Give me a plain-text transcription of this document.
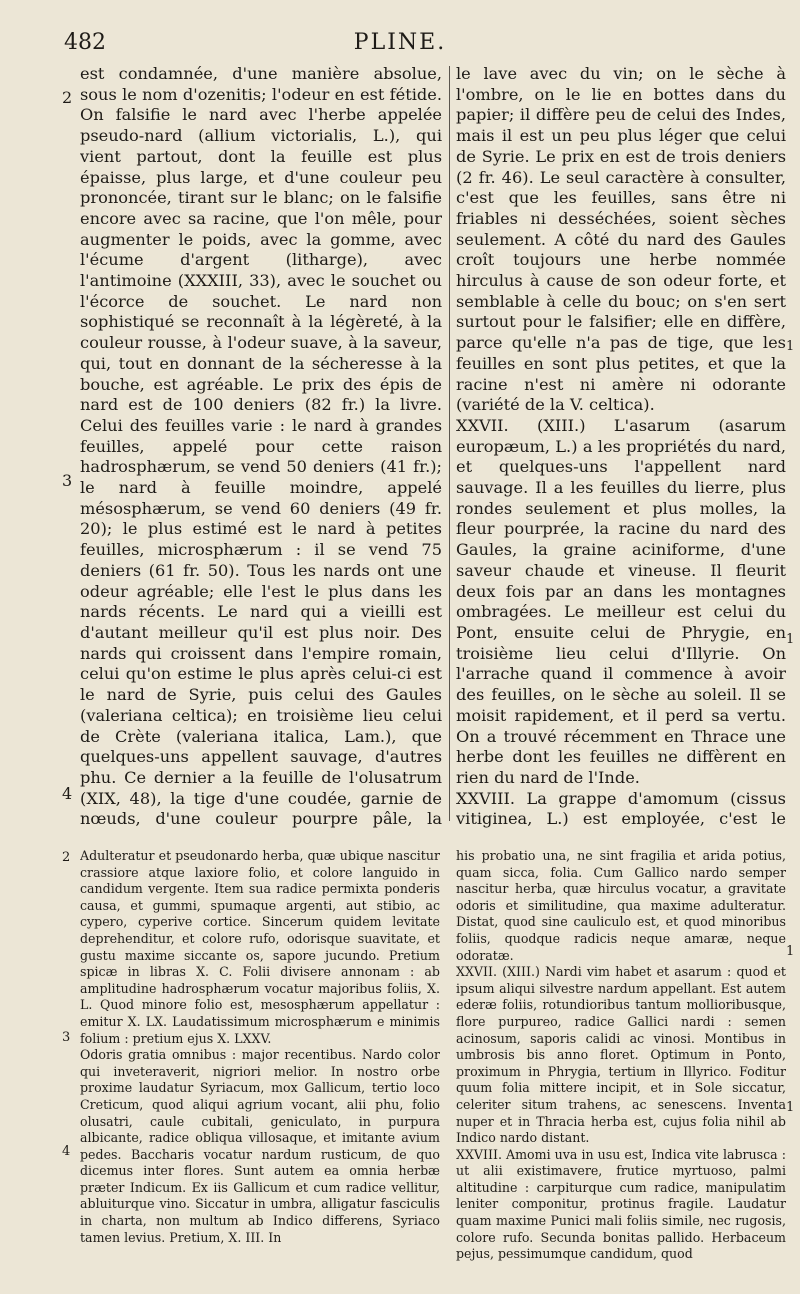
482	PLINE.

est condamnée, d'une manière absolue, sous le nom d'ozenitis; l'odeur en est fétide. On falsifie le nard avec l'herbe appelée pseudo-nard (allium victorialis, L.), qui vient partout, dont la feuille est plus épaisse, plus large, et d'une couleur peu prononcée, tirant sur le blanc; on le falsifie encore avec sa racine, que l'on mêle, pour augmenter le poids, avec la gomme, avec l'écume d'argent (litharge), avec l'antimoine (XXXIII, 33), avec le souchet ou l'écorce de souchet. Le nard non sophistiqué se reconnaît à la légèreté, à la couleur rousse, à l'odeur suave, à la saveur, qui, tout en donnant de la sécheresse à la bouche, est agréable. Le prix des épis de nard est de 100 deniers (82 fr.) la livre. Celui des feuilles varie : le nard à grandes feuilles, appelé pour cette raison hadrosphærum, se vend 50 deniers (41 fr.); le nard à feuille moindre, appelé mésosphærum, se vend 60 deniers (49 fr. 20); le plus estimé est le nard à petites feuilles, microsphærum : il se vend 75 deniers (61 fr. 50). Tous les nards ont une odeur agréable; elle l'est le plus dans les nards récents. Le nard qui a vieilli est d'autant meilleur qu'il est plus noir. Des nards qui croissent dans l'empire romain, celui qu'on estime le plus après celui-ci est le nard de Syrie, puis celui des Gaules (valeriana celtica); en troisième lieu celui de Crète (valeriana italica, Lam.), que quelques-uns appellent sauvage, d'autres phu. Ce dernier a la feuille de l'olusatrum (XIX, 48), la tige d'une coudée, garnie de nœuds, d'une couleur pourpre pâle, la

le lave avec du vin; on le sèche à l'ombre, on le lie en bottes dans du papier; il diffère peu de celui des Indes, mais il est un peu plus léger que celui de Syrie. Le prix en est de trois deniers (2 fr. 46). Le seul caractère à consulter, c'est que les feuilles, sans être ni friables ni desséchées, soient sèches seulement. A côté du nard des Gaules croît toujours une herbe nommée hirculus à cause de son odeur forte, et semblable à celle du bouc; on s'en sert surtout pour le falsifier; elle en diffère, parce qu'elle n'a pas de tige, que les feuilles en sont plus petites, et que la racine n'est ni amère ni odorante (variété de la V. celtica).

XXVII. (XIII.) L'asarum (asarum europæum, L.) a les propriétés du nard, et quelques-uns l'appellent nard sauvage. Il a les feuilles du lierre, plus rondes seulement et plus molles, la fleur pourprée, la racine du nard des Gaules, la graine aciniforme, d'une saveur chaude et vineuse. Il fleurit deux fois par an dans les montagnes ombragées. Le meilleur est celui du Pont, ensuite celui de Phrygie, en troisième lieu celui d'Illyrie. On l'arrache quand il commence à avoir des feuilles, on le sèche au soleil. Il se moisit rapidement, et il perd sa vertu. On a trouvé récemment en Thrace une herbe dont les feuilles ne diffèrent en rien du nard de l'Inde.

XXVIII. La grappe d'amomum (cissus vitiginea, L.) est employée, c'est le

2
3
4
1
1

Adulteratur et pseudonardo herba, quæ ubique nascitur crassiore atque laxiore folio, et colore languido in candidum vergente. Item sua radice permixta ponderis causa, et gummi, spumaque argenti, aut stibio, ac cypero, cyperive cortice. Sincerum quidem levitate deprehenditur, et colore rufo, odorisque suavitate, et gustu maxime siccante os, sapore jucundo. Pretium spicæ in libras X. C. Folii divisere annonam : ab amplitudine hadrosphærum vocatur majoribus foliis, X. L. Quod minore folio est, mesosphærum appellatur : emitur X. LX. Laudatissimum microsphærum e minimis folium : pretium ejus X. LXXV.

Odoris gratia omnibus : major recentibus. Nardo color qui inveteraverit, nigriori melior. In nostro orbe proxime laudatur Syriacum, mox Gallicum, tertio loco Creticum, quod aliqui agrium vocant, alii phu, folio olusatri, caule cubitali, geniculato, in purpura albicante, radice obliqua villosaque, et imitante avium pedes. Baccharis vocatur nardum rusticum, de quo dicemus inter flores. Sunt autem ea omnia herbæ præter Indicum. Ex iis Gallicum et cum radice vellitur, abluiturque vino. Siccatur in umbra, alligatur fasciculis in charta, non multum ab Indico differens, Syriaco tamen levius. Pretium, X. III. In

his probatio una, ne sint fragilia et arida potius, quam sicca, folia. Cum Gallico nardo semper nascitur herba, quæ hirculus vocatur, a gravitate odoris et similitudine, qua maxime adulteratur. Distat, quod sine cauliculo est, et quod minoribus foliis, quodque radicis neque amaræ, neque odoratæ.

XXVII. (XIII.) Nardi vim habet et asarum : quod et ipsum aliqui silvestre nardum appellant. Est autem ederæ foliis, rotundioribus tantum mollioribusque, flore purpureo, radice Gallici nardi : semen acinosum, saporis calidi ac vinosi. Montibus in umbrosis bis anno floret. Optimum in Ponto, proximum in Phrygia, tertium in Illyrico. Foditur quum folia mittere incipit, et in Sole siccatur, celeriter situm trahens, ac senescens. Inventa nuper et in Thracia herba est, cujus folia nihil ab Indico nardo distant.

XXVIII. Amomi uva in usu est, Indica vite labrusca : ut alii existimavere, frutice myrtuoso, palmi altitudine : carpiturque cum radice, manipulatim leniter componitur, protinus fragile. Laudatur quam maxime Punici mali foliis simile, nec rugosis, colore rufo. Secunda bonitas pallido. Herbaceum pejus, pessimumque candidum, quod

2
3
4
1
1
